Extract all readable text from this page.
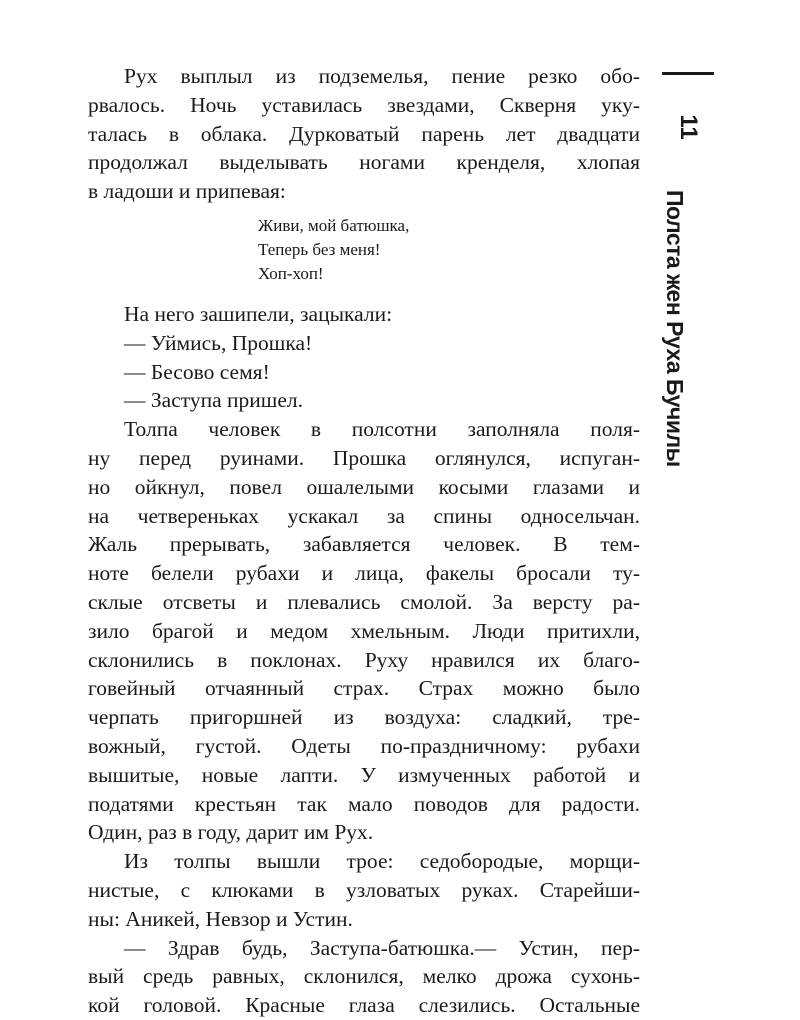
11
Полста жен Руха Бучилы
Рух выплыл из подземелья, пение резко обо-
рвалось. Ночь уставилась звездами, Скверня уку-
талась в облака. Дурковатый парень лет двадцати
продолжал выделывать ногами кренделя, хлопая
в ладоши и припевая:
Живи, мой батюшка,
Теперь без меня!
Хоп-хоп!
На него зашипели, зацыкали:
— Уймись, Прошка!
— Бесово семя!
— Заступа пришел.
Толпа человек в полсотни заполняла поля-
ну перед руинами. Прошка оглянулся, испуган-
но ойкнул, повел ошалелыми косыми глазами и
на четвереньках ускакал за спины односельчан.
Жаль прерывать, забавляется человек. В тем-
ноте белели рубахи и лица, факелы бросали ту-
склые отсветы и плевались смолой. За версту ра-
зило брагой и медом хмельным. Люди притихли,
склонились в поклонах. Руху нравился их благо-
говейный отчаянный страх. Страх можно было
черпать пригоршней из воздуха: сладкий, тре-
вожный, густой. Одеты по-праздничному: рубахи
вышитые, новые лапти. У измученных работой и
податями крестьян так мало поводов для радости.
Один, раз в году, дарит им Рух.
Из толпы вышли трое: седобородые, морщи-
нистые, с клюками в узловатых руках. Старейши-
ны: Аникей, Невзор и Устин.
— Здрав будь, Заступа-батюшка.— Устин, пер-
вый средь равных, склонился, мелко дрожа сухонь-
кой головой. Красные глаза слезились. Остальные
